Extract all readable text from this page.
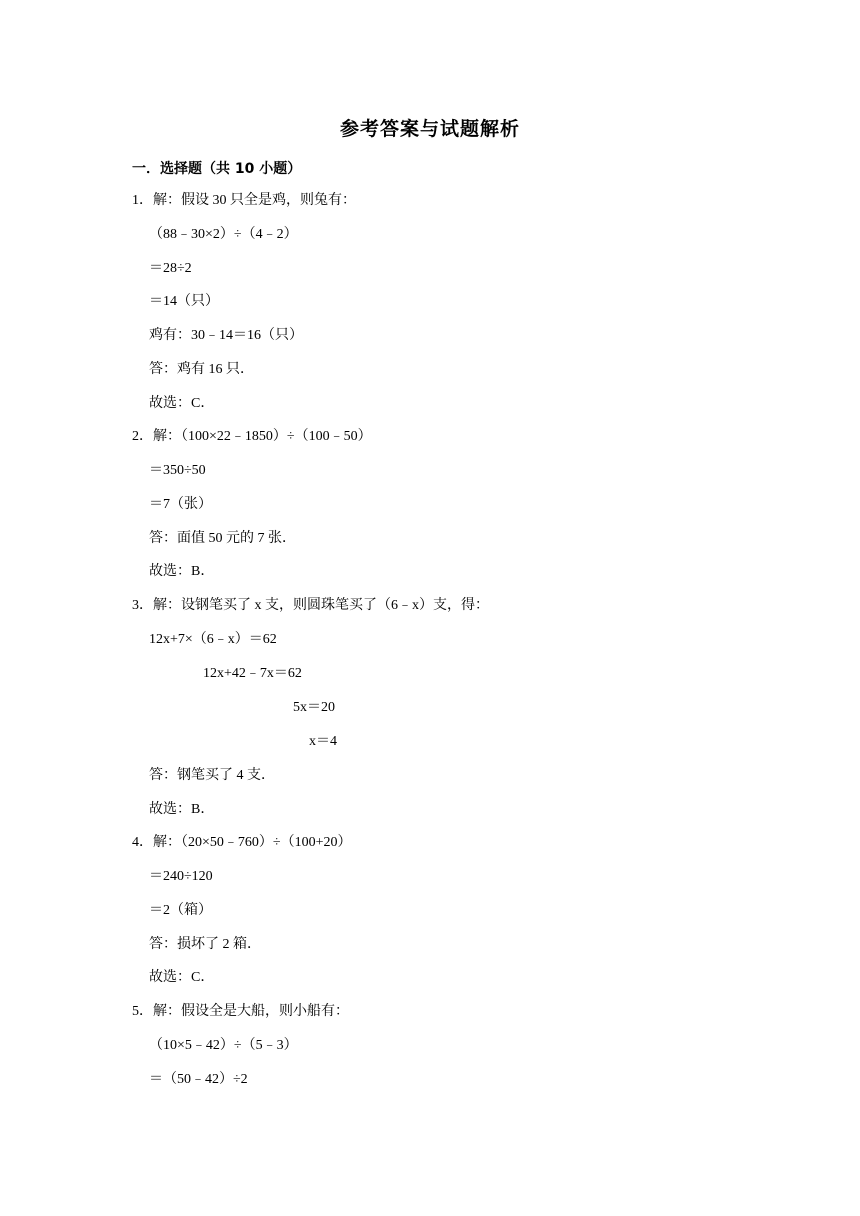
参考答案与试题解析
一．选择题（共 10 小题）
1．解：假设 30 只全是鸡，则兔有：
（88﹣30×2）÷（4﹣2）
＝28÷2
＝14（只）
鸡有：30﹣14＝16（只）
答：鸡有 16 只．
故选：C．
2．解：（100×22﹣1850）÷（100﹣50）
＝350÷50
＝7（张）
答：面值 50 元的 7 张．
故选：B．
3．解：设钢笔买了 x 支，则圆珠笔买了（6﹣x）支，得：
12x+7×（6﹣x）＝62
12x+42﹣7x＝62
5x＝20
x＝4
答：钢笔买了 4 支．
故选：B．
4．解：（20×50﹣760）÷（100+20）
＝240÷120
＝2（箱）
答：损坏了 2 箱．
故选：C．
5．解：假设全是大船，则小船有：
（10×5﹣42）÷（5﹣3）
＝（50﹣42）÷2
